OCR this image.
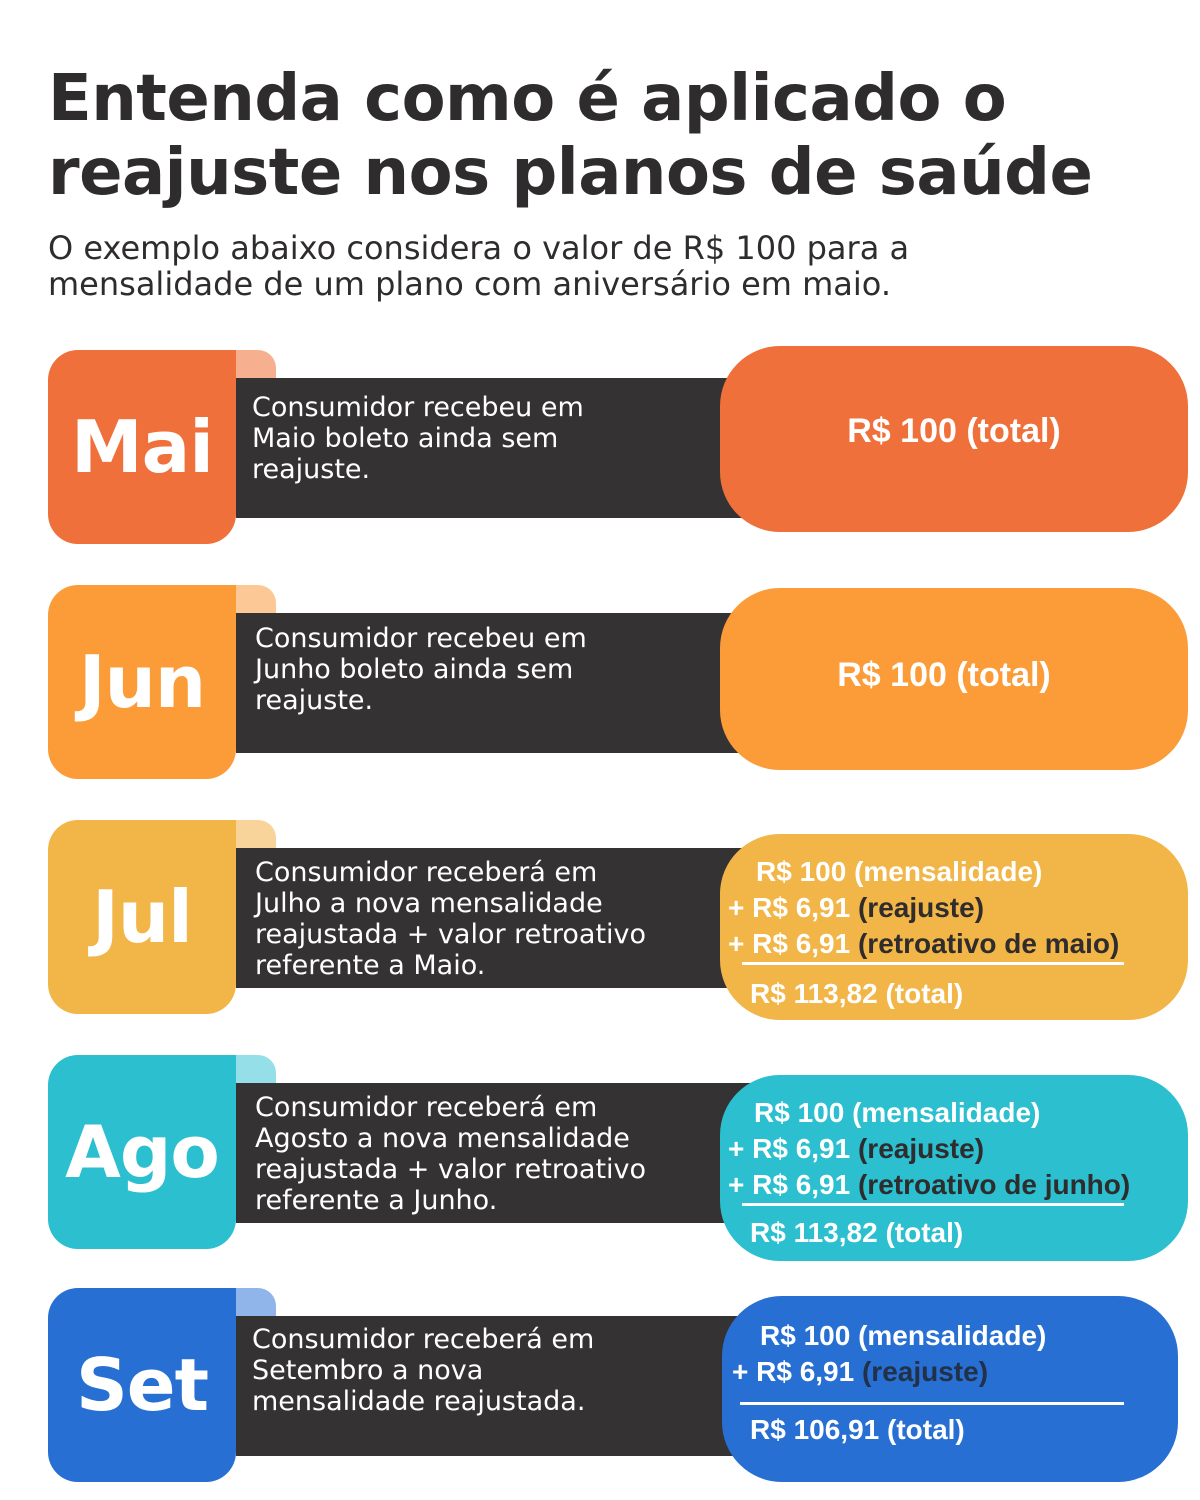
Entenda como é aplicado o
reajuste nos planos de saúde

O exemplo abaixo considera o valor de R$ 100 para a
mensalidade de um plano com aniversário em maio.

Mai Consumidor recebeu em
Maio boleto ainda sem
reajuste.
R$ 100 (total)
Jun
Consumidor recebeu em
Junho boleto ainda sem
reajuste.
R$ 100 (total)
Jul
Consumidor receberá em
Julho a nova mensalidade
reajustada + valor retroativo
referente a Maio.
R$ 100 (mensalidade)
+ R$ 6,91 (reajuste)
+ R$ 6,91 (retroativo de maio)
R$ 113,82 (total)
Ago
Consumidor receberá em
Agosto a nova mensalidade
reajustada + valor retroativo
referente a Junho.
R$ 100 (mensalidade)
+ R$ 6,91 (reajuste)
+ R$ 6,91 (retroativo de junho)
R$ 113,82 (total)
Set
Consumidor receberá em
Setembro a nova
mensalidade reajustada.
R$ 100 (mensalidade)
+ R$ 6,91 (reajuste)
R$ 106,91 (total)
